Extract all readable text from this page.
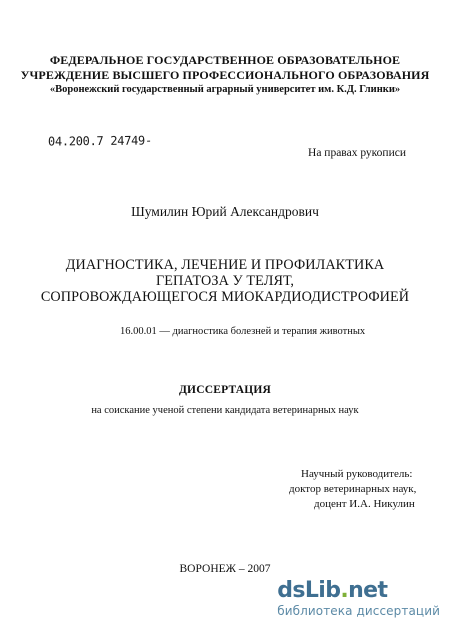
ФЕДЕРАЛЬНОЕ ГОСУДАРСТВЕННОЕ ОБРАЗОВАТЕЛЬНОЕ
УЧРЕЖДЕНИЕ ВЫСШЕГО ПРОФЕССИОНАЛЬНОГО ОБРАЗОВАНИЯ
«Воронежский государственный аграрный университет им. К.Д. Глинки»
04.200.7 24749-
На правах рукописи
Шумилин Юрий Александрович
ДИАГНОСТИКА, ЛЕЧЕНИЕ И ПРОФИЛАКТИКА
ГЕПАТОЗА У ТЕЛЯТ,
СОПРОВОЖДАЮЩЕГОСЯ МИОКАРДИОДИСТРОФИЕЙ
16.00.01 — диагностика болезней и терапия животных
ДИССЕРТАЦИЯ
на соискание ученой степени кандидата ветеринарных наук
Научный руководитель:
доктор ветеринарных наук,
доцент И.А. Никулин
ВОРОНЕЖ – 2007
dsLib.net
библиотека диссертаций
